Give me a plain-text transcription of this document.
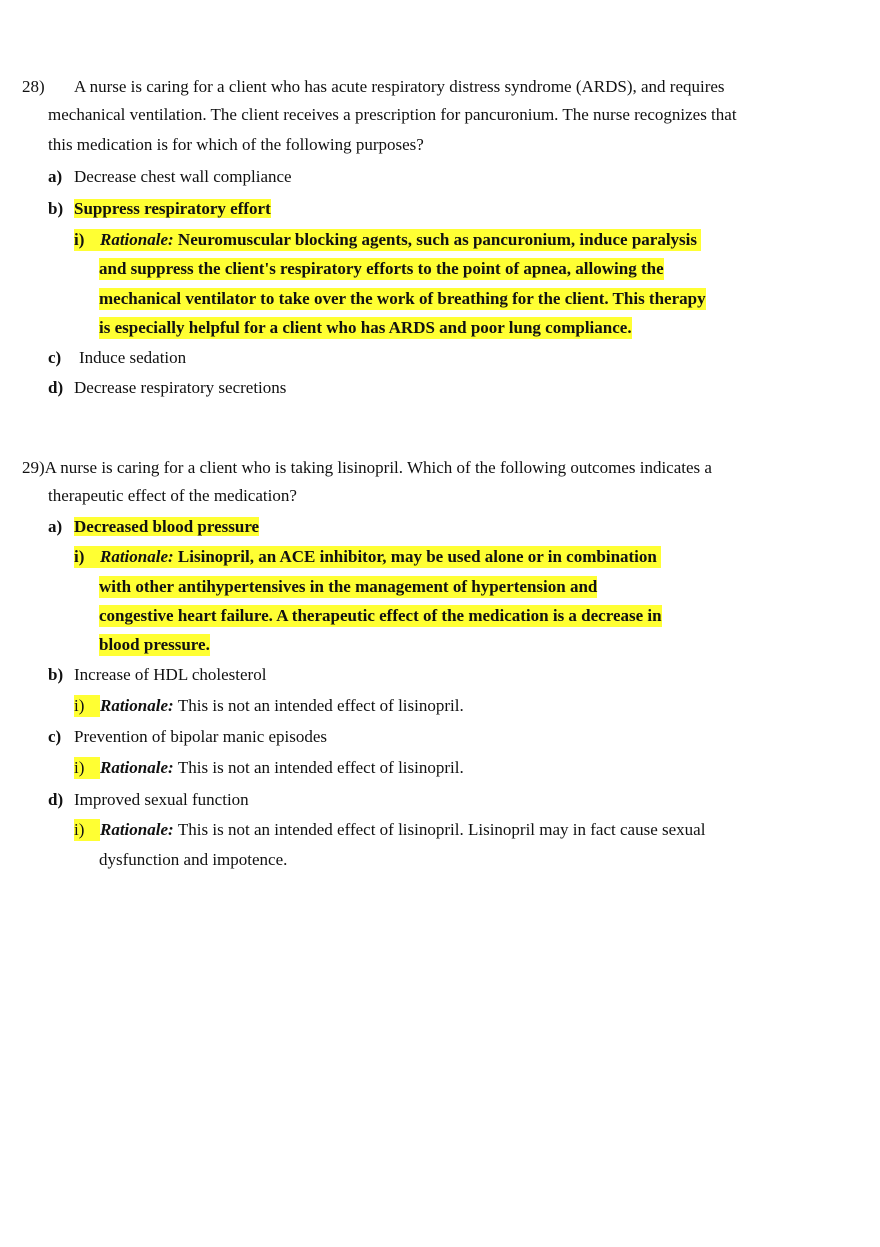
28) A nurse is caring for a client who has acute respiratory distress syndrome (ARDS), and requires
mechanical ventilation. The client receives a prescription for pancuronium. The nurse recognizes that
this medication is for which of the following purposes?
a) Decrease chest wall compliance
b) Suppress respiratory effort
i) Rationale: Neuromuscular blocking agents, such as pancuronium, induce paralysis
and suppress the client's respiratory efforts to the point of apnea, allowing the
mechanical ventilator to take over the work of breathing for the client. This therapy
is especially helpful for a client who has ARDS and poor lung compliance.
c) Induce sedation
d) Decrease respiratory secretions
29)A nurse is caring for a client who is taking lisinopril. Which of the following outcomes indicates a
therapeutic effect of the medication?
a) Decreased blood pressure
i) Rationale: Lisinopril, an ACE inhibitor, may be used alone or in combination
with other antihypertensives in the management of hypertension and
congestive heart failure. A therapeutic effect of the medication is a decrease in
blood pressure.
b) Increase of HDL cholesterol
i) Rationale: This is not an intended effect of lisinopril.
c) Prevention of bipolar manic episodes
i) Rationale: This is not an intended effect of lisinopril.
d) Improved sexual function
i) Rationale: This is not an intended effect of lisinopril. Lisinopril may in fact cause sexual
dysfunction and impotence.
